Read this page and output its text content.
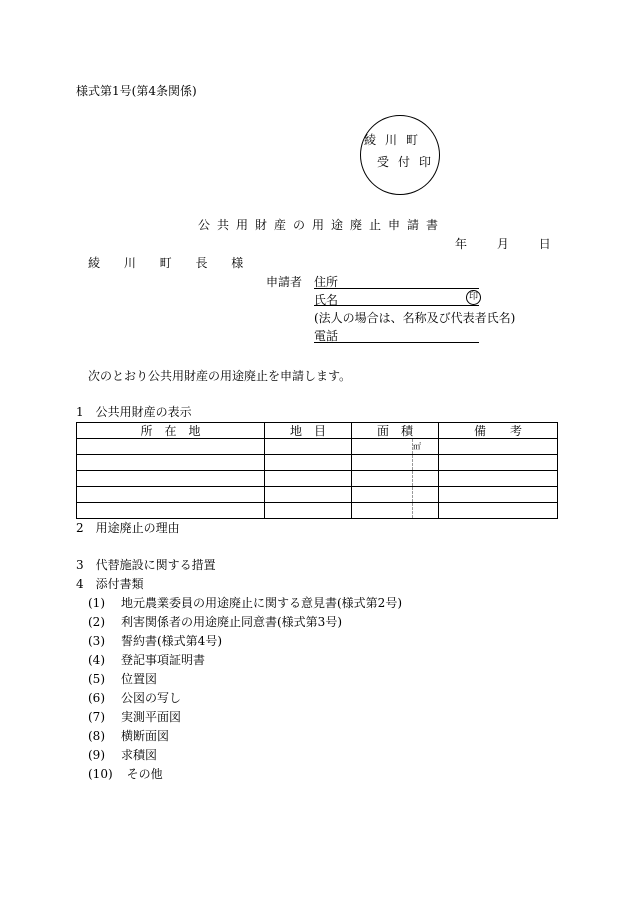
様式第1号(第4条関係)
綾川町
受付印
公共用財産の用途廃止申請書
年 月 日
綾 川 町 長 様
申請者 住所
氏名	印
(法人の場合は、名称及び代表者氏名)
電話
次のとおり公共用財産の用途廃止を申請します。
1　公共用財産の表示
所　在　地	地　目	面　積		備　　考
			㎡	

2　用途廃止の理由
3　代替施設に関する措置
4　添付書類
(1) 地元農業委員の用途廃止に関する意見書(様式第2号)
(2) 利害関係者の用途廃止同意書(様式第3号)
(3) 誓約書(様式第4号)
(4) 登記事項証明書
(5) 位置図
(6) 公図の写し
(7) 実測平面図
(8) 横断面図
(9) 求積図
(10) その他
